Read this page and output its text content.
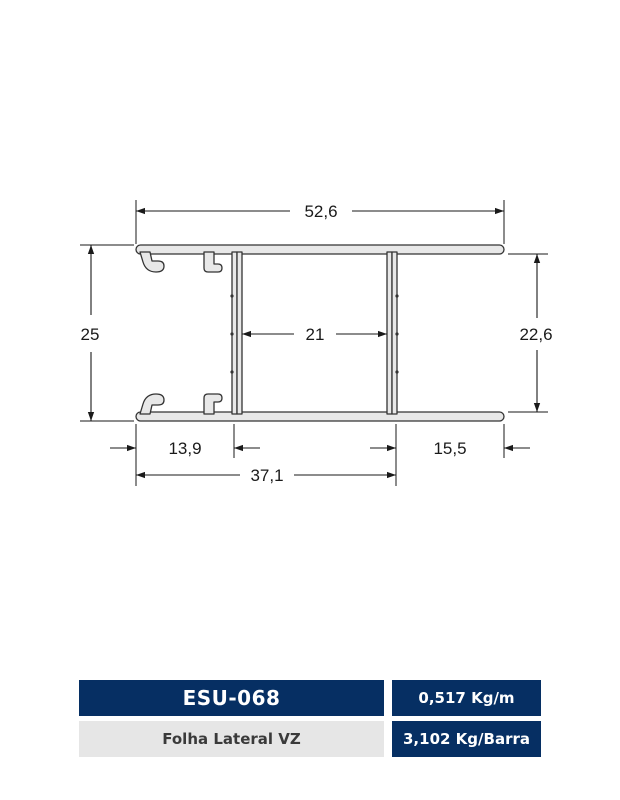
52,6
25	22,6
21
13,9	15,5
37,1
ESU-068
Folha Lateral VZ
0,517 Kg/m
3,102 Kg/Barra
